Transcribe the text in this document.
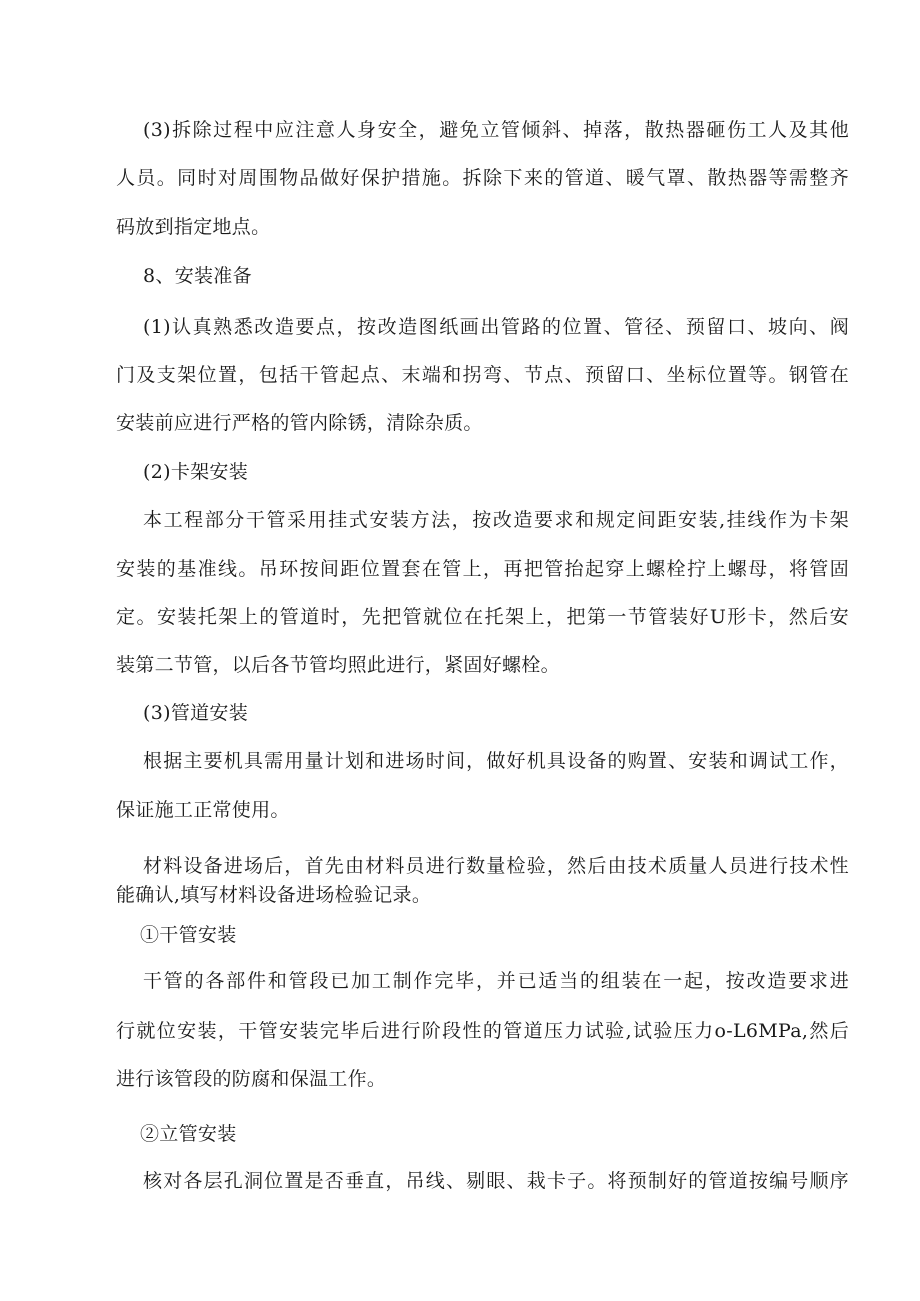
(3)拆除过程中应注意人身安全，避免立管倾斜、掉落，散热器砸伤工人及其他
人员。同时对周围物品做好保护措施。拆除下来的管道、暖气罩、散热器等需整齐
码放到指定地点。
8、安装准备
(1)认真熟悉改造要点，按改造图纸画出管路的位置、管径、预留口、坡向、阀
门及支架位置，包括干管起点、末端和拐弯、节点、预留口、坐标位置等。钢管在
安装前应进行严格的管内除锈，清除杂质。
(2)卡架安装
本工程部分干管采用挂式安装方法，按改造要求和规定间距安装,挂线作为卡架
安装的基准线。吊环按间距位置套在管上，再把管抬起穿上螺栓拧上螺母，将管固
定。安装托架上的管道时，先把管就位在托架上，把第一节管装好U形卡，然后安
装第二节管，以后各节管均照此进行，紧固好螺栓。
(3)管道安装
根据主要机具需用量计划和进场时间，做好机具设备的购置、安装和调试工作，
保证施工正常使用。
材料设备进场后，首先由材料员进行数量检验，然后由技术质量人员进行技术性
能确认,填写材料设备进场检验记录。
①干管安装
干管的各部件和管段已加工制作完毕，并已适当的组装在一起，按改造要求进
行就位安装，干管安装完毕后进行阶段性的管道压力试验,试验压力o-L6MPa,然后
进行该管段的防腐和保温工作。
②立管安装
核对各层孔洞位置是否垂直，吊线、剔眼、栽卡子。将预制好的管道按编号顺序
